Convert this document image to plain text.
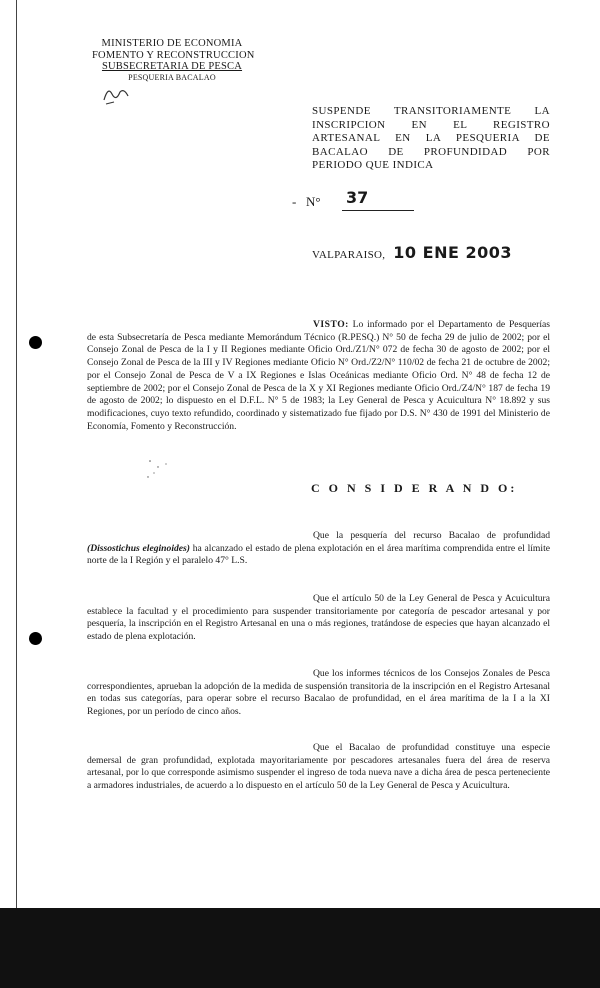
MINISTERIO DE ECONOMIA
FOMENTO Y RECONSTRUCCION
SUBSECRETARIA DE PESCA
PESQUERIA BACALAO
SUSPENDE TRANSITORIAMENTE LA INSCRIPCION EN EL REGISTRO ARTESANAL EN LA PESQUERIA DE BACALAO DE PROFUNDIDAD POR PERIODO QUE INDICA
- N° 37
VALPARAISO, 10 ENE 2003
VISTO: Lo informado por el Departamento de Pesquerías de esta Subsecretaría de Pesca mediante Memorándum Técnico (R.PESQ.) N° 50 de fecha 29 de julio de 2002; por el Consejo Zonal de Pesca de la I y II Regiones mediante Oficio Ord./Z1/N° 072 de fecha 30 de agosto de 2002; por el Consejo Zonal de Pesca de la III y IV Regiones mediante Oficio N° Ord./Z2/N° 110/02 de fecha 21 de octubre de 2002; por el Consejo Zonal de Pesca de V a IX Regiones e Islas Oceánicas mediante Oficio Ord. N° 48 de fecha 12 de septiembre de 2002; por el Consejo Zonal de Pesca de la X y XI Regiones mediante Oficio Ord./Z4/N° 187 de fecha 19 de agosto de 2002; lo dispuesto en el D.F.L. N° 5 de 1983; la Ley General de Pesca y Acuicultura N° 18.892 y sus modificaciones, cuyo texto refundido, coordinado y sistematizado fue fijado por D.S. N° 430 de 1991 del Ministerio de Economía, Fomento y Reconstrucción.
C O N S I D E R A N D O:
Que la pesquería del recurso Bacalao de profundidad (Dissostichus eleginoides) ha alcanzado el estado de plena explotación en el área marítima comprendida entre el límite norte de la I Región y el paralelo 47° L.S.
Que el artículo 50 de la Ley General de Pesca y Acuicultura establece la facultad y el procedimiento para suspender transitoriamente por categoría de pescador artesanal y por pesquería, la inscripción en el Registro Artesanal en una o más regiones, tratándose de especies que hayan alcanzado el estado de plena explotación.
Que los informes técnicos de los Consejos Zonales de Pesca correspondientes, aprueban la adopción de la medida de suspensión transitoria de la inscripción en el Registro Artesanal en todas sus categorías, para operar sobre el recurso Bacalao de profundidad, en el área marítima de la I a la XI Regiones, por un período de cinco años.
Que el Bacalao de profundidad constituye una especie demersal de gran profundidad, explotada mayoritariamente por pescadores artesanales fuera del área de reserva artesanal, por lo que corresponde asimismo suspender el ingreso de toda nueva nave a dicha área de pesca perteneciente a armadores industriales, de acuerdo a lo dispuesto en el artículo 50 de la Ley General de Pesca y Acuicultura.
